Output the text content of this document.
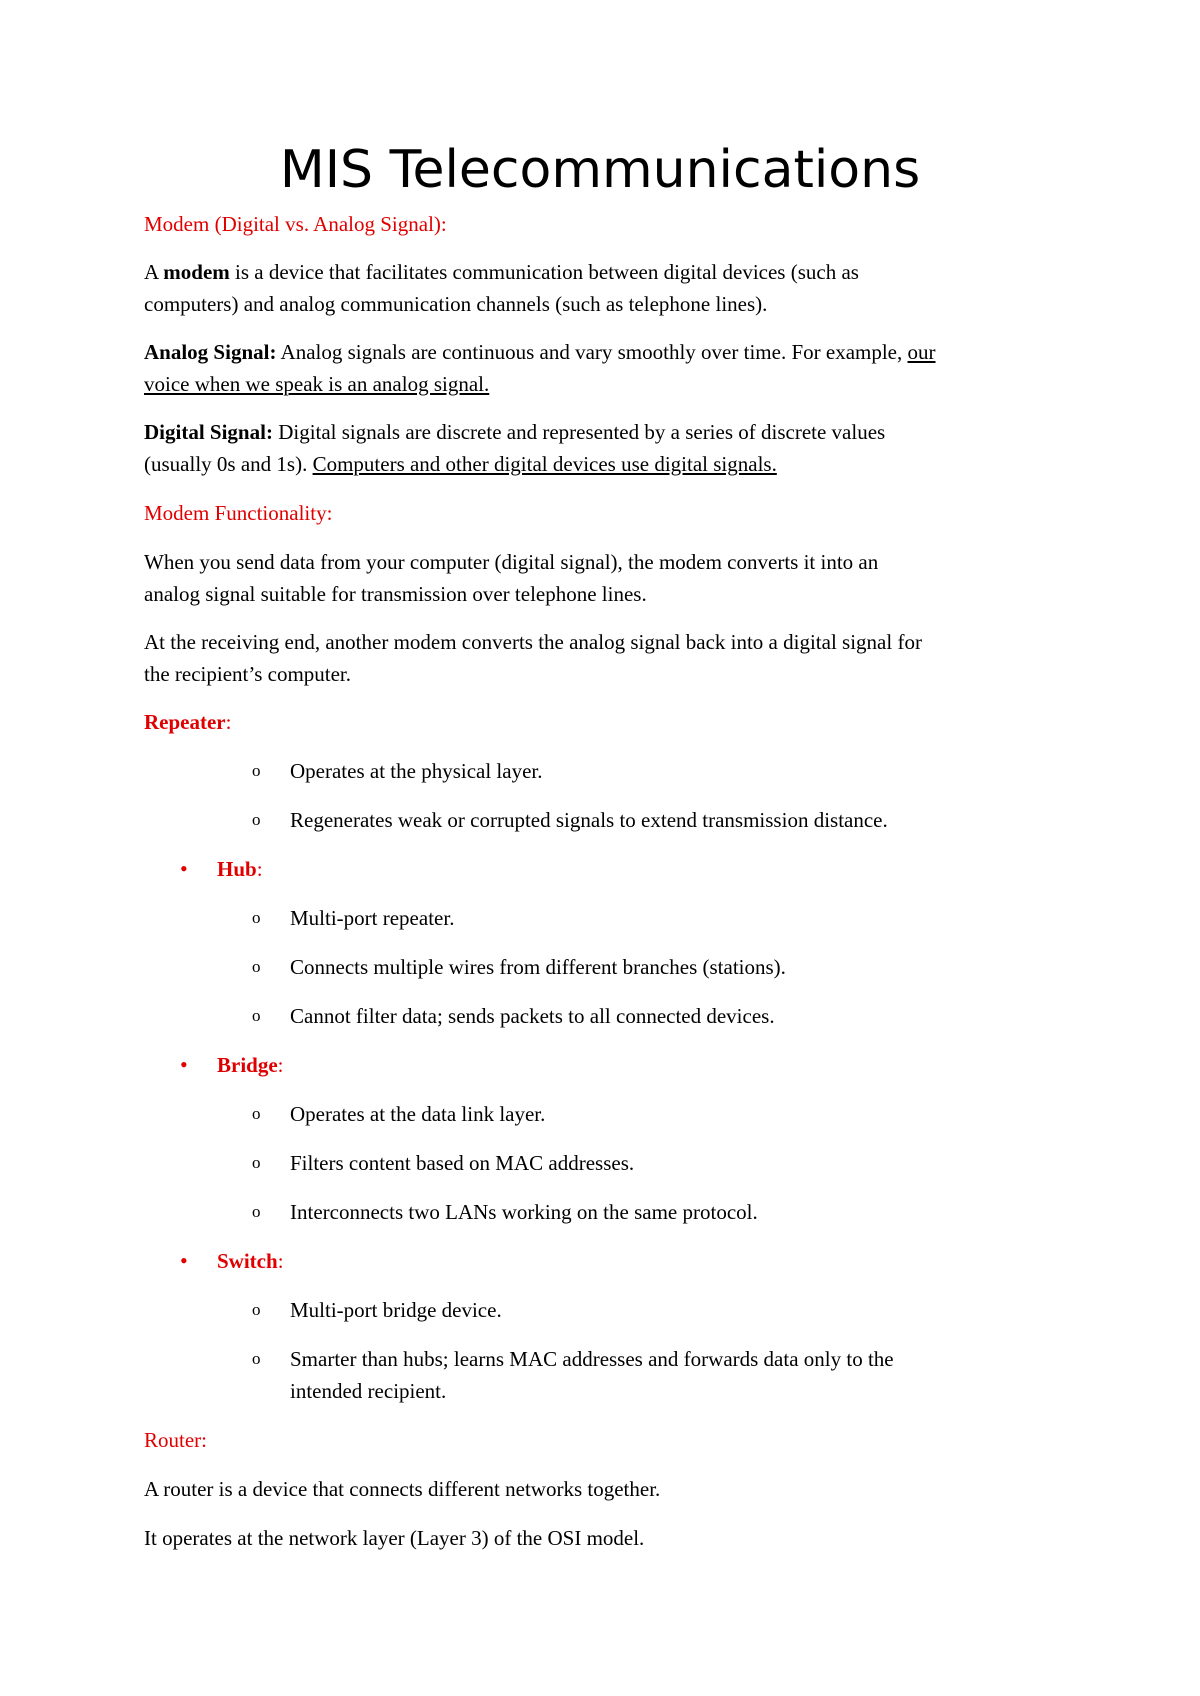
MIS Telecommunications
Modem (Digital vs. Analog Signal):
A modem is a device that facilitates communication between digital devices (such as
computers) and analog communication channels (such as telephone lines).
Analog Signal: Analog signals are continuous and vary smoothly over time. For example, our
voice when we speak is an analog signal.
Digital Signal: Digital signals are discrete and represented by a series of discrete values
(usually 0s and 1s). Computers and other digital devices use digital signals.
Modem Functionality:
When you send data from your computer (digital signal), the modem converts it into an
analog signal suitable for transmission over telephone lines.
At the receiving end, another modem converts the analog signal back into a digital signal for
the recipient’s computer.
Repeater:
o Operates at the physical layer.
o Regenerates weak or corrupted signals to extend transmission distance.
• Hub:
o Multi-port repeater.
o Connects multiple wires from different branches (stations).
o Cannot filter data; sends packets to all connected devices.
• Bridge:
o Operates at the data link layer.
o Filters content based on MAC addresses.
o Interconnects two LANs working on the same protocol.
• Switch:
o Multi-port bridge device.
o Smarter than hubs; learns MAC addresses and forwards data only to the
intended recipient.
Router:
A router is a device that connects different networks together.
It operates at the network layer (Layer 3) of the OSI model.
